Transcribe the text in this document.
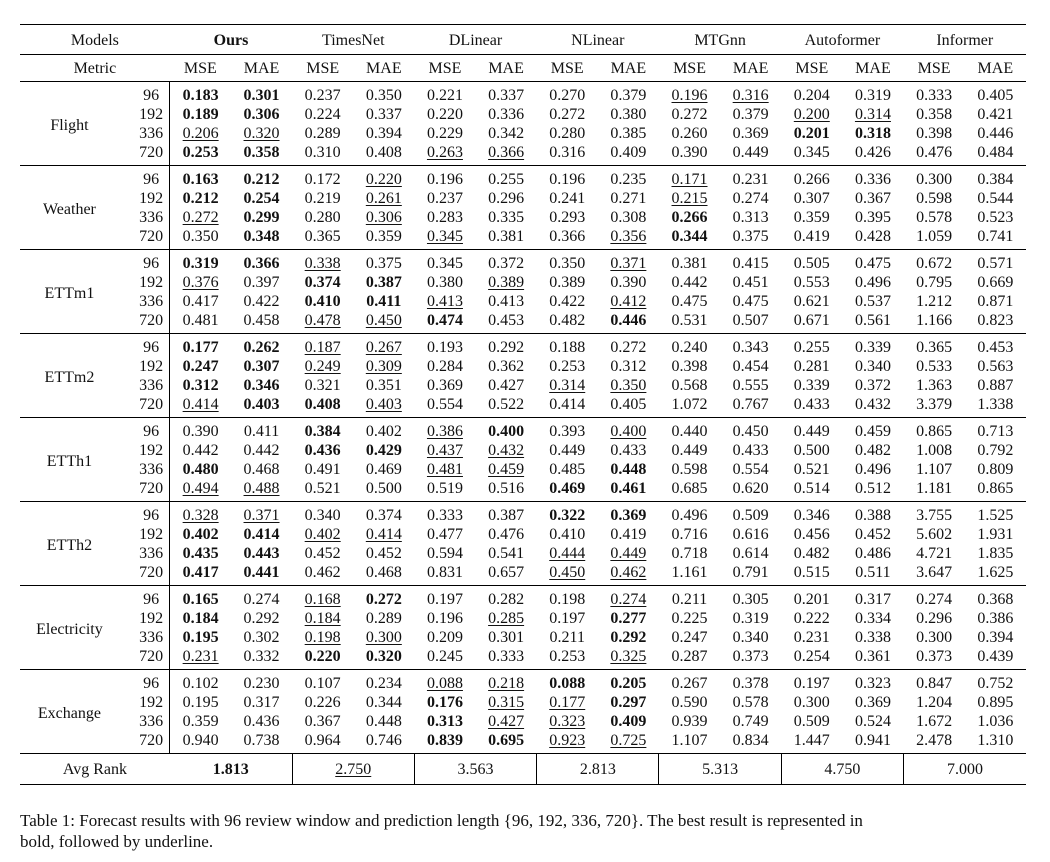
Models		Ours		TimesNet		DLinear		NLinear		MTGnn		Autoformer		Informer	
Metric		MSE	MAE	MSE	MAE	MSE	MAE	MSE	MAE	MSE	MAE	MSE	MAE	MSE	MAE
Flight	96	0.183	0.301	0.237	0.350	0.221	0.337	0.270	0.379	0.196	0.316	0.204	0.319	0.333	0.405
	192	0.189	0.306	0.224	0.337	0.220	0.336	0.272	0.380	0.272	0.379	0.200	0.314	0.358	0.421
	336	0.206	0.320	0.289	0.394	0.229	0.342	0.280	0.385	0.260	0.369	0.201	0.318	0.398	0.446
	720	0.253	0.358	0.310	0.408	0.263	0.366	0.316	0.409	0.390	0.449	0.345	0.426	0.476	0.484
Weather	96	0.163	0.212	0.172	0.220	0.196	0.255	0.196	0.235	0.171	0.231	0.266	0.336	0.300	0.384
	192	0.212	0.254	0.219	0.261	0.237	0.296	0.241	0.271	0.215	0.274	0.307	0.367	0.598	0.544
	336	0.272	0.299	0.280	0.306	0.283	0.335	0.293	0.308	0.266	0.313	0.359	0.395	0.578	0.523
	720	0.350	0.348	0.365	0.359	0.345	0.381	0.366	0.356	0.344	0.375	0.419	0.428	1.059	0.741
ETTm1	96	0.319	0.366	0.338	0.375	0.345	0.372	0.350	0.371	0.381	0.415	0.505	0.475	0.672	0.571
	192	0.376	0.397	0.374	0.387	0.380	0.389	0.389	0.390	0.442	0.451	0.553	0.496	0.795	0.669
	336	0.417	0.422	0.410	0.411	0.413	0.413	0.422	0.412	0.475	0.475	0.621	0.537	1.212	0.871
	720	0.481	0.458	0.478	0.450	0.474	0.453	0.482	0.446	0.531	0.507	0.671	0.561	1.166	0.823
ETTm2	96	0.177	0.262	0.187	0.267	0.193	0.292	0.188	0.272	0.240	0.343	0.255	0.339	0.365	0.453
	192	0.247	0.307	0.249	0.309	0.284	0.362	0.253	0.312	0.398	0.454	0.281	0.340	0.533	0.563
	336	0.312	0.346	0.321	0.351	0.369	0.427	0.314	0.350	0.568	0.555	0.339	0.372	1.363	0.887
	720	0.414	0.403	0.408	0.403	0.554	0.522	0.414	0.405	1.072	0.767	0.433	0.432	3.379	1.338
ETTh1	96	0.390	0.411	0.384	0.402	0.386	0.400	0.393	0.400	0.440	0.450	0.449	0.459	0.865	0.713
	192	0.442	0.442	0.436	0.429	0.437	0.432	0.449	0.433	0.449	0.433	0.500	0.482	1.008	0.792
	336	0.480	0.468	0.491	0.469	0.481	0.459	0.485	0.448	0.598	0.554	0.521	0.496	1.107	0.809
	720	0.494	0.488	0.521	0.500	0.519	0.516	0.469	0.461	0.685	0.620	0.514	0.512	1.181	0.865
ETTh2	96	0.328	0.371	0.340	0.374	0.333	0.387	0.322	0.369	0.496	0.509	0.346	0.388	3.755	1.525
	192	0.402	0.414	0.402	0.414	0.477	0.476	0.410	0.419	0.716	0.616	0.456	0.452	5.602	1.931
	336	0.435	0.443	0.452	0.452	0.594	0.541	0.444	0.449	0.718	0.614	0.482	0.486	4.721	1.835
	720	0.417	0.441	0.462	0.468	0.831	0.657	0.450	0.462	1.161	0.791	0.515	0.511	3.647	1.625
Electricity	96	0.165	0.274	0.168	0.272	0.197	0.282	0.198	0.274	0.211	0.305	0.201	0.317	0.274	0.368
	192	0.184	0.292	0.184	0.289	0.196	0.285	0.197	0.277	0.225	0.319	0.222	0.334	0.296	0.386
	336	0.195	0.302	0.198	0.300	0.209	0.301	0.211	0.292	0.247	0.340	0.231	0.338	0.300	0.394
	720	0.231	0.332	0.220	0.320	0.245	0.333	0.253	0.325	0.287	0.373	0.254	0.361	0.373	0.439
Exchange	96	0.102	0.230	0.107	0.234	0.088	0.218	0.088	0.205	0.267	0.378	0.197	0.323	0.847	0.752
	192	0.195	0.317	0.226	0.344	0.176	0.315	0.177	0.297	0.590	0.578	0.300	0.369	1.204	0.895
	336	0.359	0.436	0.367	0.448	0.313	0.427	0.323	0.409	0.939	0.749	0.509	0.524	1.672	1.036
	720	0.940	0.738	0.964	0.746	0.839	0.695	0.923	0.725	1.107	0.834	1.447	0.941	2.478	1.310
Avg Rank		1.813		2.750		3.563		2.813		5.313		4.750		7.000	
Table 1: Forecast results with 96 review window and prediction length {96, 192, 336, 720}. The best result is represented in
bold, followed by underline.
